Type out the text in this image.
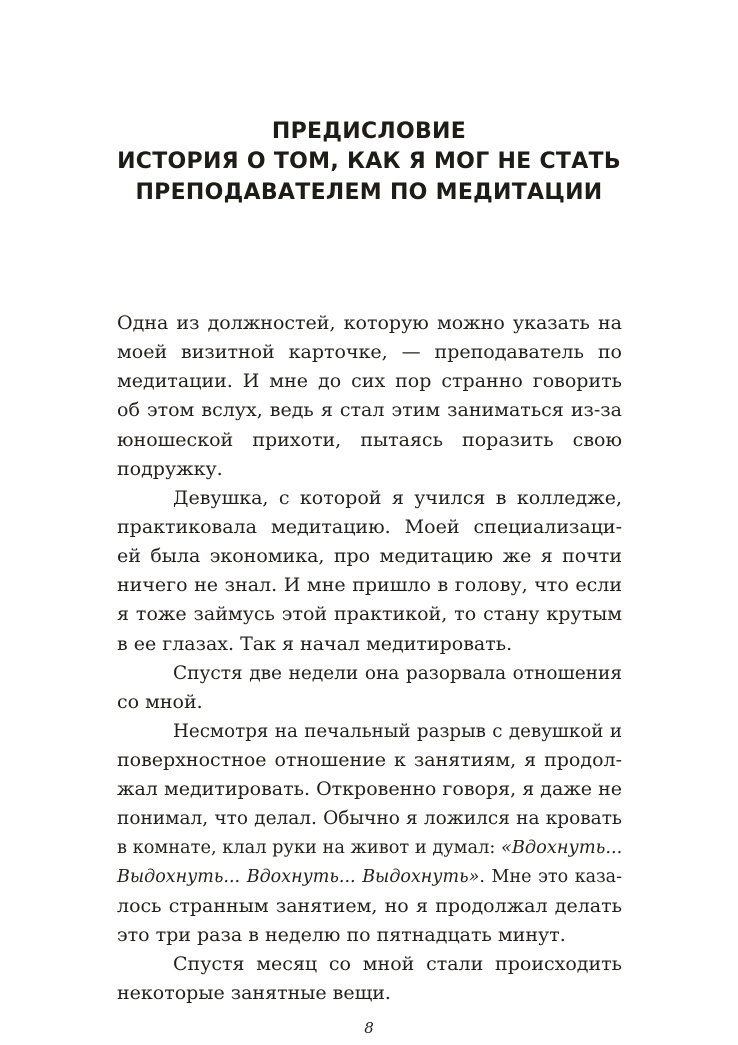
ПРЕДИСЛОВИЕ
ИСТОРИЯ О ТОМ, КАК Я МОГ НЕ СТАТЬ
ПРЕПОДАВАТЕЛЕМ ПО МЕДИТАЦИИ
Одна из должностей, которую можно указать на
моей визитной карточке, — преподаватель по
медитации. И мне до сих пор странно говорить
об этом вслух, ведь я стал этим заниматься из-за
юношеской прихоти, пытаясь поразить свою
подружку.
Девушка, с которой я учился в колледже,
практиковала медитацию. Моей специализаци-
ей была экономика, про медитацию же я почти
ничего не знал. И мне пришло в голову, что если
я тоже займусь этой практикой, то стану крутым
в ее глазах. Так я начал медитировать.
Спустя две недели она разорвала отношения
со мной.
Несмотря на печальный разрыв с девушкой и
поверхностное отношение к занятиям, я продол-
жал медитировать. Откровенно говоря, я даже не
понимал, что делал. Обычно я ложился на кровать
в комнате, клал руки на живот и думал: «Вдохнуть...
Выдохнуть... Вдохнуть... Выдохнуть». Мне это каза-
лось странным занятием, но я продолжал делать
это три раза в неделю по пятнадцать минут.
Спустя месяц со мной стали происходить
некоторые занятные вещи.
8
